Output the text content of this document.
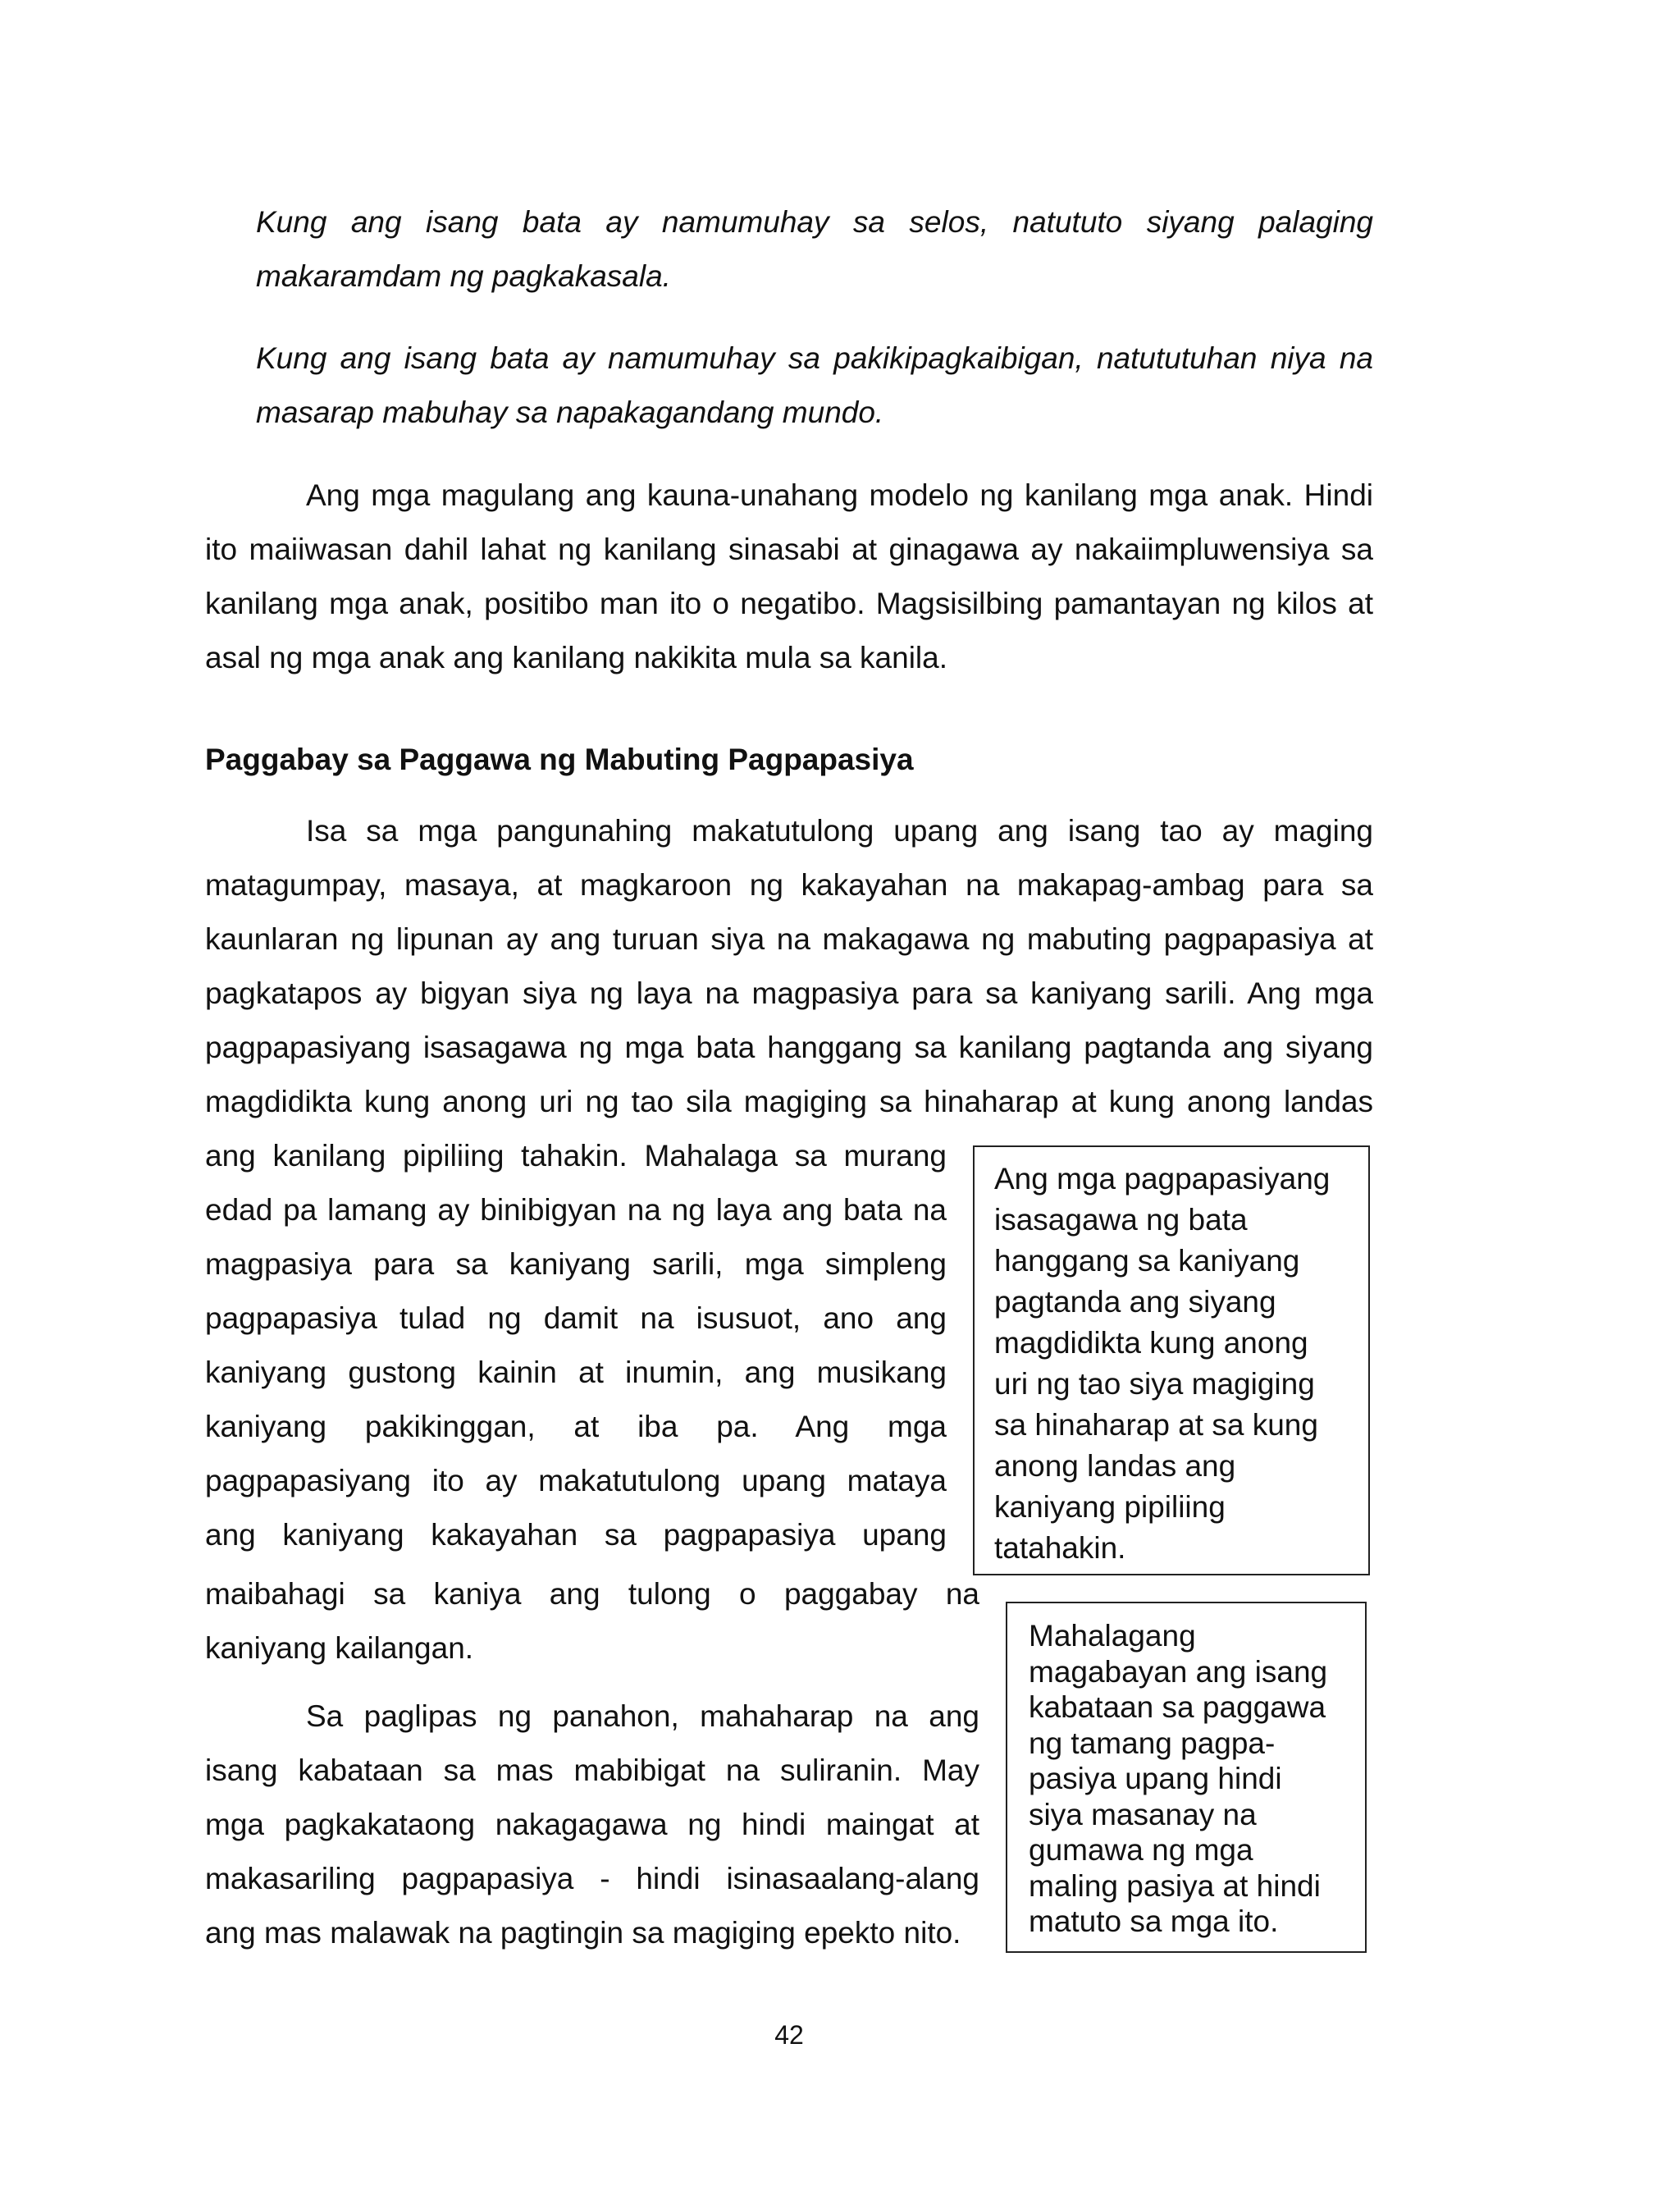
Kung ang isang bata ay namumuhay sa selos, natututo siyang palaging
makaramdam ng pagkakasala.
Kung ang isang bata ay namumuhay sa pakikipagkaibigan, natututuhan niya na
masarap mabuhay sa napakagandang mundo.
Ang mga magulang ang kauna-unahang modelo ng kanilang mga anak. Hindi
ito maiiwasan dahil lahat ng kanilang sinasabi at ginagawa ay nakaiimpluwensiya sa
kanilang mga anak, positibo man ito o negatibo. Magsisilbing pamantayan ng kilos at
asal ng mga anak ang kanilang nakikita mula sa kanila.
Paggabay sa Paggawa ng Mabuting Pagpapasiya
Isa sa mga pangunahing makatutulong upang ang isang tao ay maging
matagumpay, masaya, at magkaroon ng kakayahan na makapag-ambag para sa
kaunlaran ng lipunan ay ang turuan siya na makagawa ng mabuting pagpapasiya at
pagkatapos ay bigyan siya ng laya na magpasiya para sa kaniyang sarili. Ang mga
pagpapasiyang isasagawa ng mga bata hanggang sa kanilang pagtanda ang siyang
magdidikta kung anong uri ng tao sila magiging sa hinaharap at kung anong landas
ang kanilang pipiliing tahakin. Mahalaga sa murang
edad pa lamang ay binibigyan na ng laya ang bata na
magpasiya para sa kaniyang sarili, mga simpleng
pagpapasiya tulad ng damit na isusuot, ano ang
kaniyang gustong kainin at inumin, ang musikang
kaniyang pakikinggan, at iba pa. Ang mga
pagpapasiyang ito ay makatutulong upang mataya
ang kaniyang kakayahan sa pagpapasiya upang
maibahagi sa kaniya ang tulong o paggabay na
kaniyang kailangan.
Sa paglipas ng panahon, mahaharap na ang
isang kabataan sa mas mabibigat na suliranin. May
mga pagkakataong nakagagawa ng hindi maingat at
makasariling pagpapasiya - hindi isinasaalang-alang
ang mas malawak na pagtingin sa magiging epekto nito.
Ang mga pagpapasiyang
isasagawa ng bata
hanggang sa kaniyang
pagtanda ang siyang
magdidikta kung anong
uri ng tao siya magiging
sa hinaharap at sa kung
anong landas ang
kaniyang pipiliing
tatahakin.
Mahalagang
magabayan ang isang
kabataan sa paggawa
ng tamang pagpa-
pasiya upang hindi
siya masanay na
gumawa ng mga
maling pasiya at hindi
matuto sa mga ito.

42
